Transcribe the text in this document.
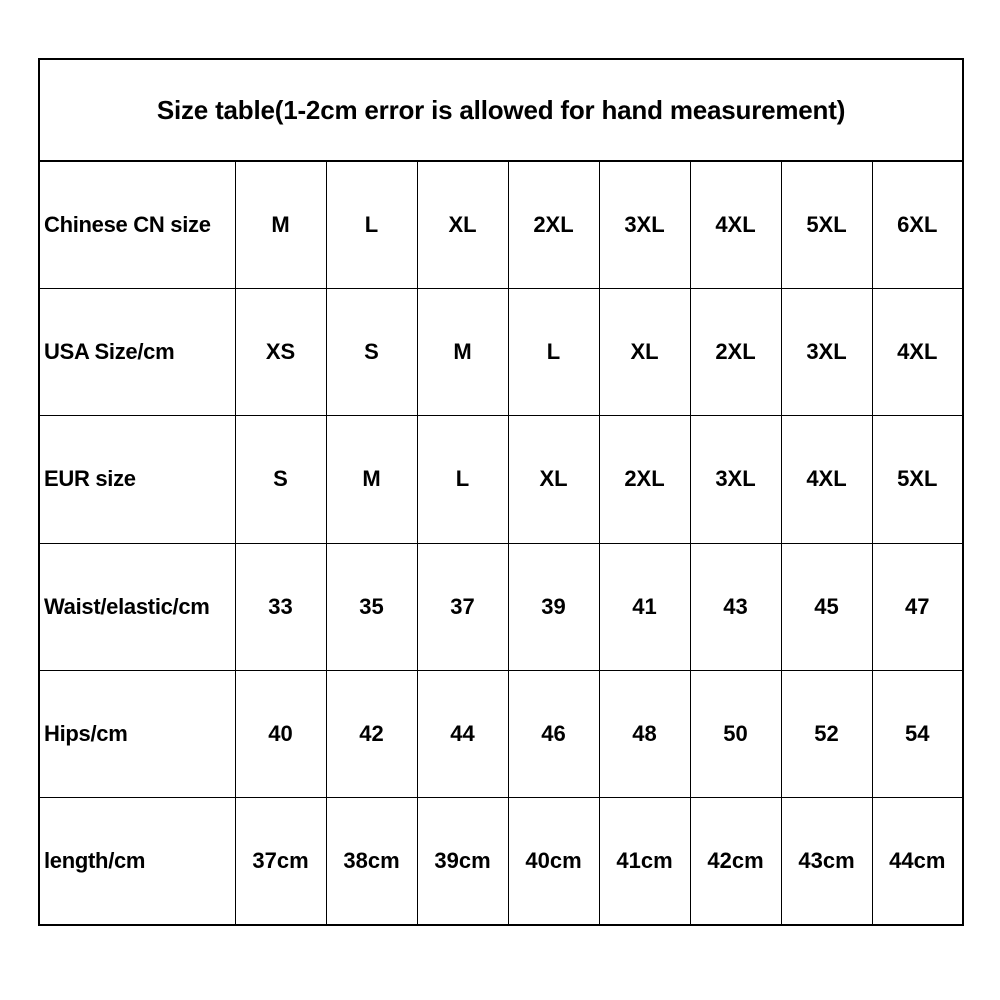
Size table(1-2cm error is allowed for hand measurement)								
Chinese CN size	M	L	XL	2XL	3XL	4XL	5XL	6XL
USA Size/cm	XS	S	M	L	XL	2XL	3XL	4XL
EUR size	S	M	L	XL	2XL	3XL	4XL	5XL
Waist/elastic/cm	33	35	37	39	41	43	45	47
Hips/cm	40	42	44	46	48	50	52	54
length/cm	37cm	38cm	39cm	40cm	41cm	42cm	43cm	44cm
